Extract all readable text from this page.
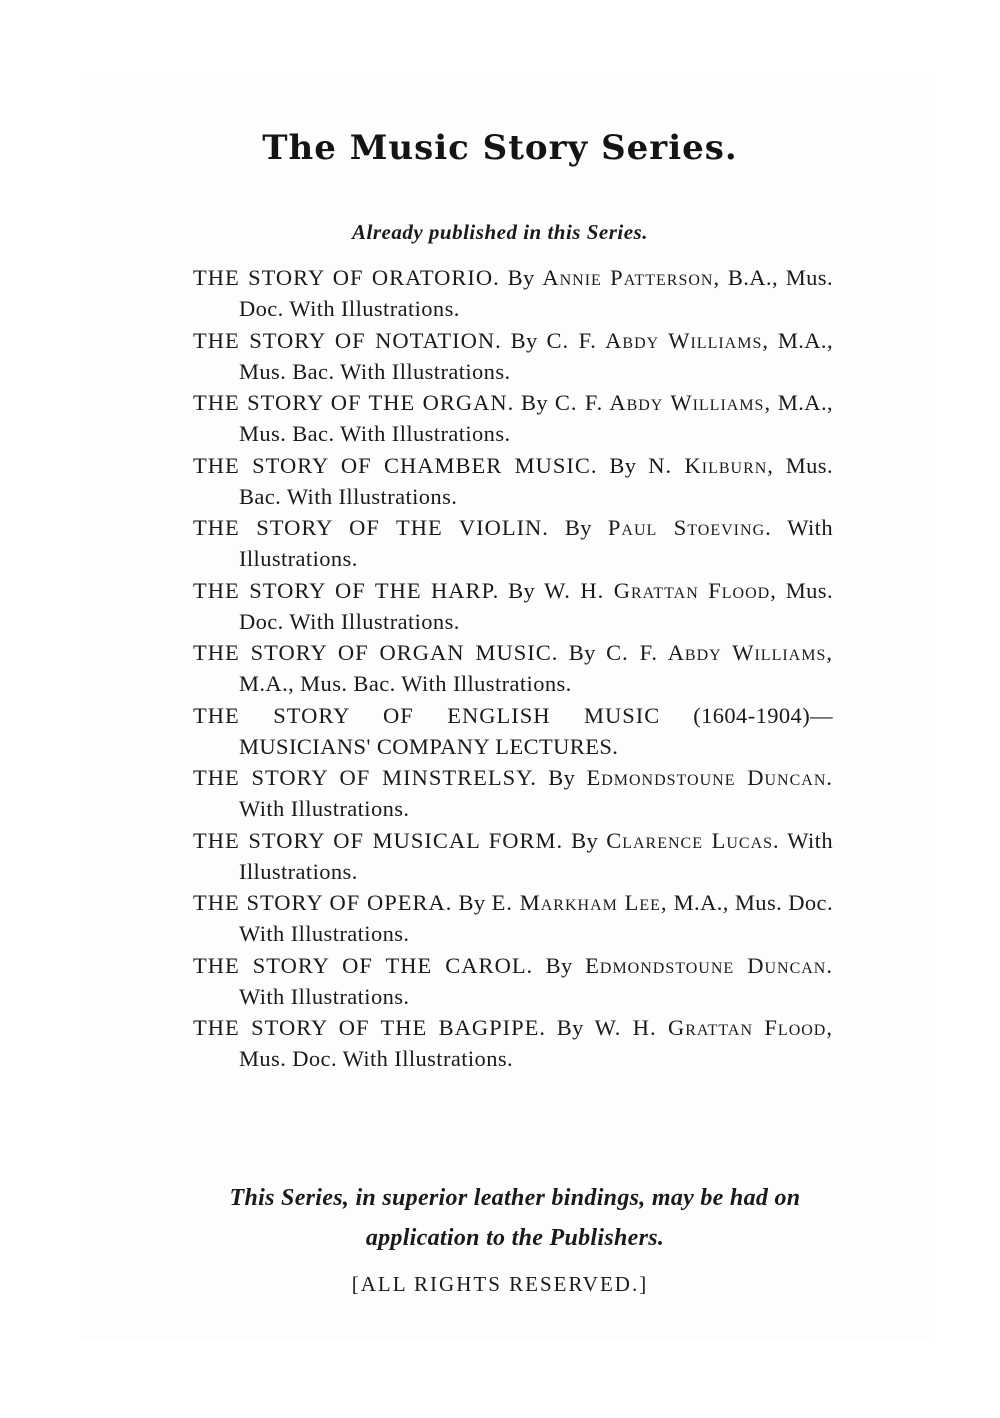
The Music Story Series.
Already published in this Series.
THE STORY OF ORATORIO. By Annie Patterson, B.A., Mus. Doc. With Illustrations.
THE STORY OF NOTATION. By C. F. Abdy Williams, M.A., Mus. Bac. With Illustrations.
THE STORY OF THE ORGAN. By C. F. Abdy Williams, M.A., Mus. Bac. With Illustrations.
THE STORY OF CHAMBER MUSIC. By N. Kilburn, Mus. Bac. With Illustrations.
THE STORY OF THE VIOLIN. By Paul Stoeving. With Illustrations.
THE STORY OF THE HARP. By W. H. Grattan Flood, Mus. Doc. With Illustrations.
THE STORY OF ORGAN MUSIC. By C. F. Abdy Williams, M.A., Mus. Bac. With Illustrations.
THE STORY OF ENGLISH MUSIC (1604-1904)— MUSICIANS' COMPANY LECTURES.
THE STORY OF MINSTRELSY. By Edmondstoune Duncan. With Illustrations.
THE STORY OF MUSICAL FORM. By Clarence Lucas. With Illustrations.
THE STORY OF OPERA. By E. Markham Lee, M.A., Mus. Doc. With Illustrations.
THE STORY OF THE CAROL. By Edmondstoune Duncan. With Illustrations.
THE STORY OF THE BAGPIPE. By W. H. Grattan Flood, Mus. Doc. With Illustrations.
This Series, in superior leather bindings, may be had on application to the Publishers.
[ALL RIGHTS RESERVED.]
